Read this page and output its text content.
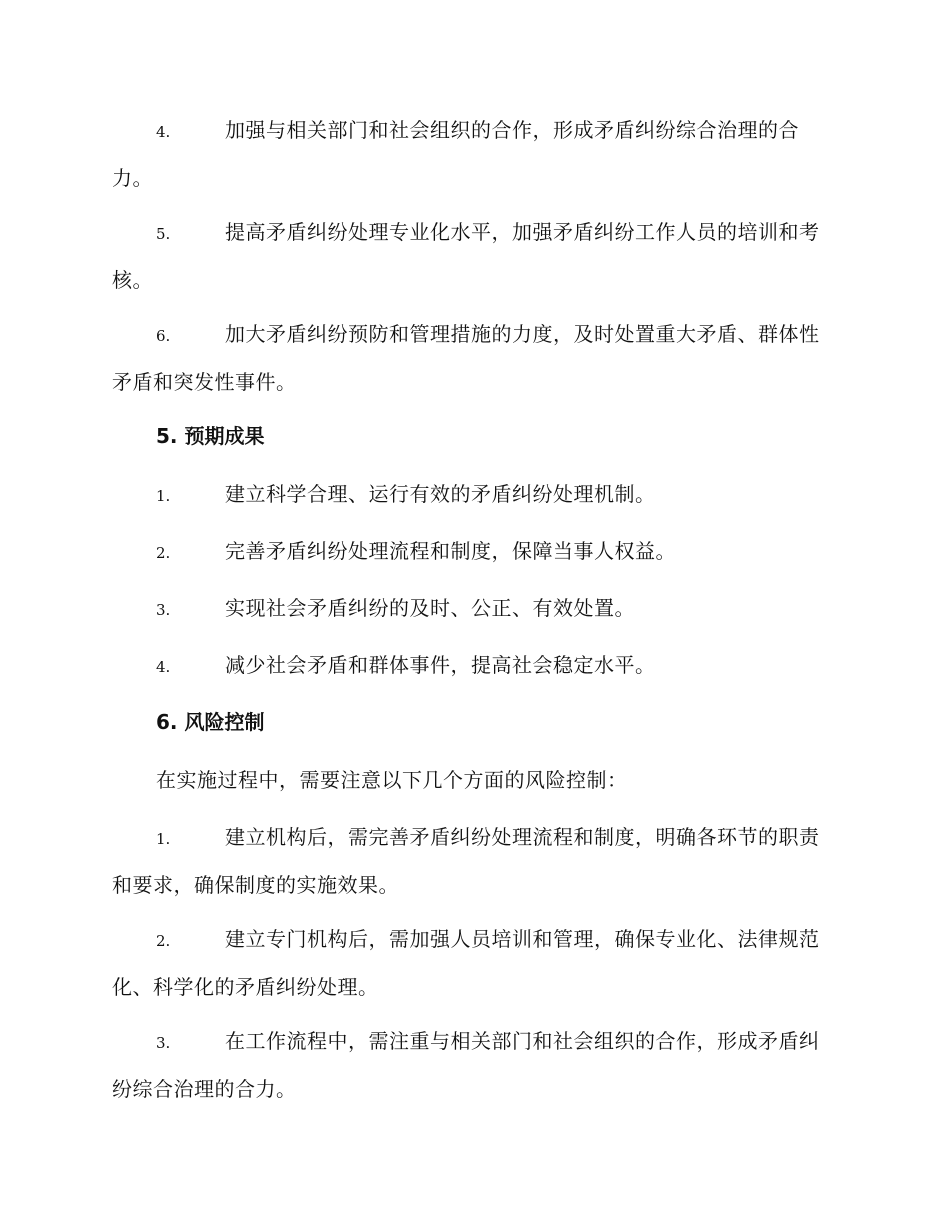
4.	加强与相关部门和社会组织的合作，形成矛盾纠纷综合治理的合力。

5.	提高矛盾纠纷处理专业化水平，加强矛盾纠纷工作人员的培训和考核。

6.	加大矛盾纠纷预防和管理措施的力度，及时处置重大矛盾、群体性矛盾和突发性事件。

5. 预期成果

1.	建立科学合理、运行有效的矛盾纠纷处理机制。

2.	完善矛盾纠纷处理流程和制度，保障当事人权益。

3.	实现社会矛盾纠纷的及时、公正、有效处置。

4.	减少社会矛盾和群体事件，提高社会稳定水平。

6. 风险控制

在实施过程中，需要注意以下几个方面的风险控制：

1.	建立机构后，需完善矛盾纠纷处理流程和制度，明确各环节的职责和要求，确保制度的实施效果。

2.	建立专门机构后，需加强人员培训和管理，确保专业化、法律规范化、科学化的矛盾纠纷处理。

3.	在工作流程中，需注重与相关部门和社会组织的合作，形成矛盾纠纷综合治理的合力。
